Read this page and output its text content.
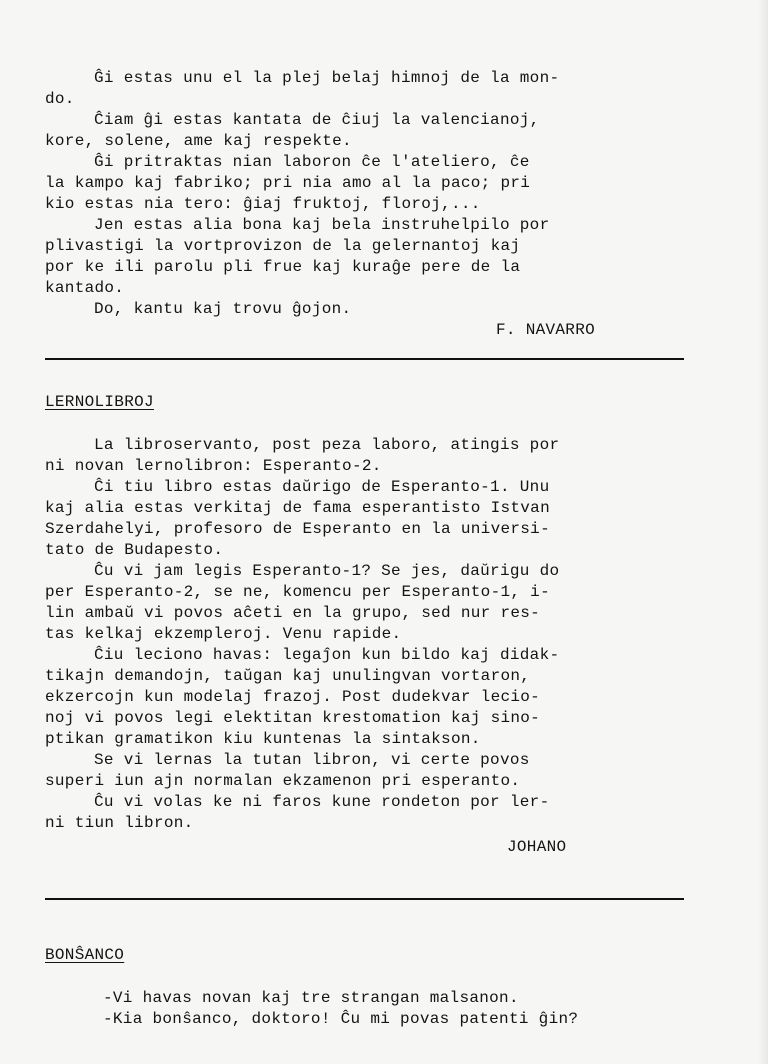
Ĝi estas unu el la plej belaj himnoj de la mon-
do.
Ĉiam ĝi estas kantata de ĉiuj la valencianoj,
kore, solene, ame kaj respekte.
Ĝi pritraktas nian laboron ĉe l'ateliero, ĉe
la kampo kaj fabriko; pri nia amo al la paco; pri
kio estas nia tero: ĝiaj fruktoj, floroj,...
Jen estas alia bona kaj bela instruhelpilo por
plivastigi la vortprovizon de la gelernantoj kaj
por ke ili parolu pli frue kaj kuraĝe pere de la
kantado.
Do, kantu kaj trovu ĝojon.
F. NAVARRO
LERNOLIBROJ
La libroservanto, post peza laboro, atingis por
ni novan lernolibron: Esperanto-2.
Ĉi tiu libro estas daŭrigo de Esperanto-1. Unu
kaj alia estas verkitaj de fama esperantisto Istvan
Szerdahelyi, profesoro de Esperanto en la universi-
tato de Budapesto.
Ĉu vi jam legis Esperanto-1? Se jes, daŭrigu do
per Esperanto-2, se ne, komencu per Esperanto-1, i-
lin ambaŭ vi povos aĉeti en la grupo, sed nur res-
tas kelkaj ekzempleroj. Venu rapide.
Ĉiu leciono havas: legaĵon kun bildo kaj didak-
tikajn demandojn, taŭgan kaj unulingvan vortaron,
ekzercojn kun modelaj frazoj. Post dudekvar lecio-
noj vi povos legi elektitan krestomation kaj sino-
ptikan gramatikon kiu kuntenas la sintakson.
Se vi lernas la tutan libron, vi certe povos
superi iun ajn normalan ekzamenon pri esperanto.
Ĉu vi volas ke ni faros kune rondeton por ler-
ni tiun libron.
JOHANO
BONŜANCO
-Vi havas novan kaj tre strangan malsanon.
-Kia bonŝanco, doktoro! Ĉu mi povas patenti ĝin?
